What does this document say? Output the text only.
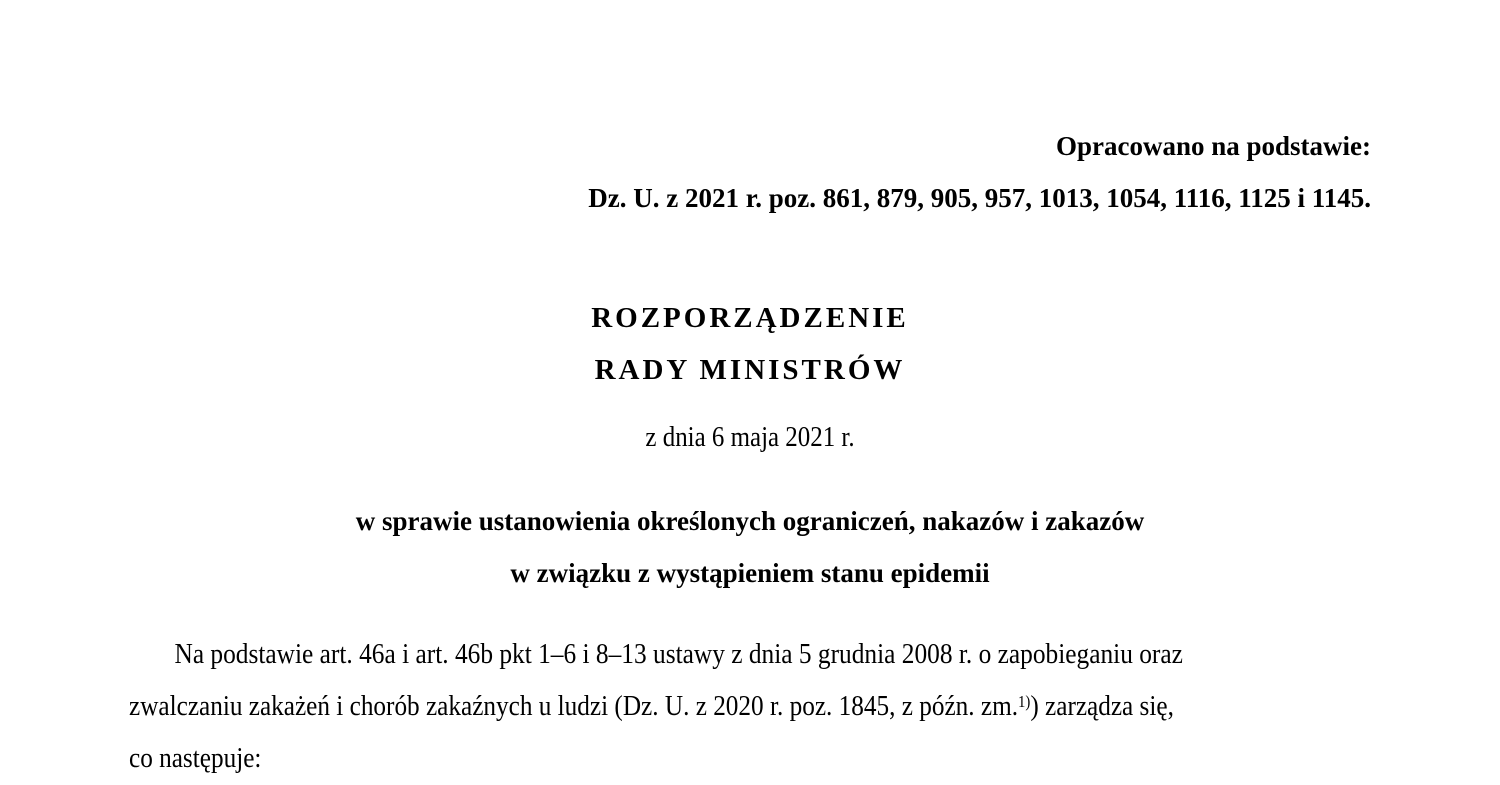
Opracowano na podstawie:
Dz. U. z 2021 r. poz. 861, 879, 905, 957, 1013, 1054, 1116, 1125 i 1145.
ROZPORZĄDZENIE
RADY MINISTRÓW
z dnia 6 maja 2021 r.
w sprawie ustanowienia określonych ograniczeń, nakazów i zakazów
w związku z wystąpieniem stanu epidemii
Na podstawie art. 46a i art. 46b pkt 1–6 i 8–13 ustawy z dnia 5 grudnia 2008 r. o zapobieganiu oraz
zwalczaniu zakażeń i chorób zakaźnych u ludzi (Dz. U. z 2020 r. poz. 1845, z późn. zm.$^{1)}$) zarządza się,
co następuje:
